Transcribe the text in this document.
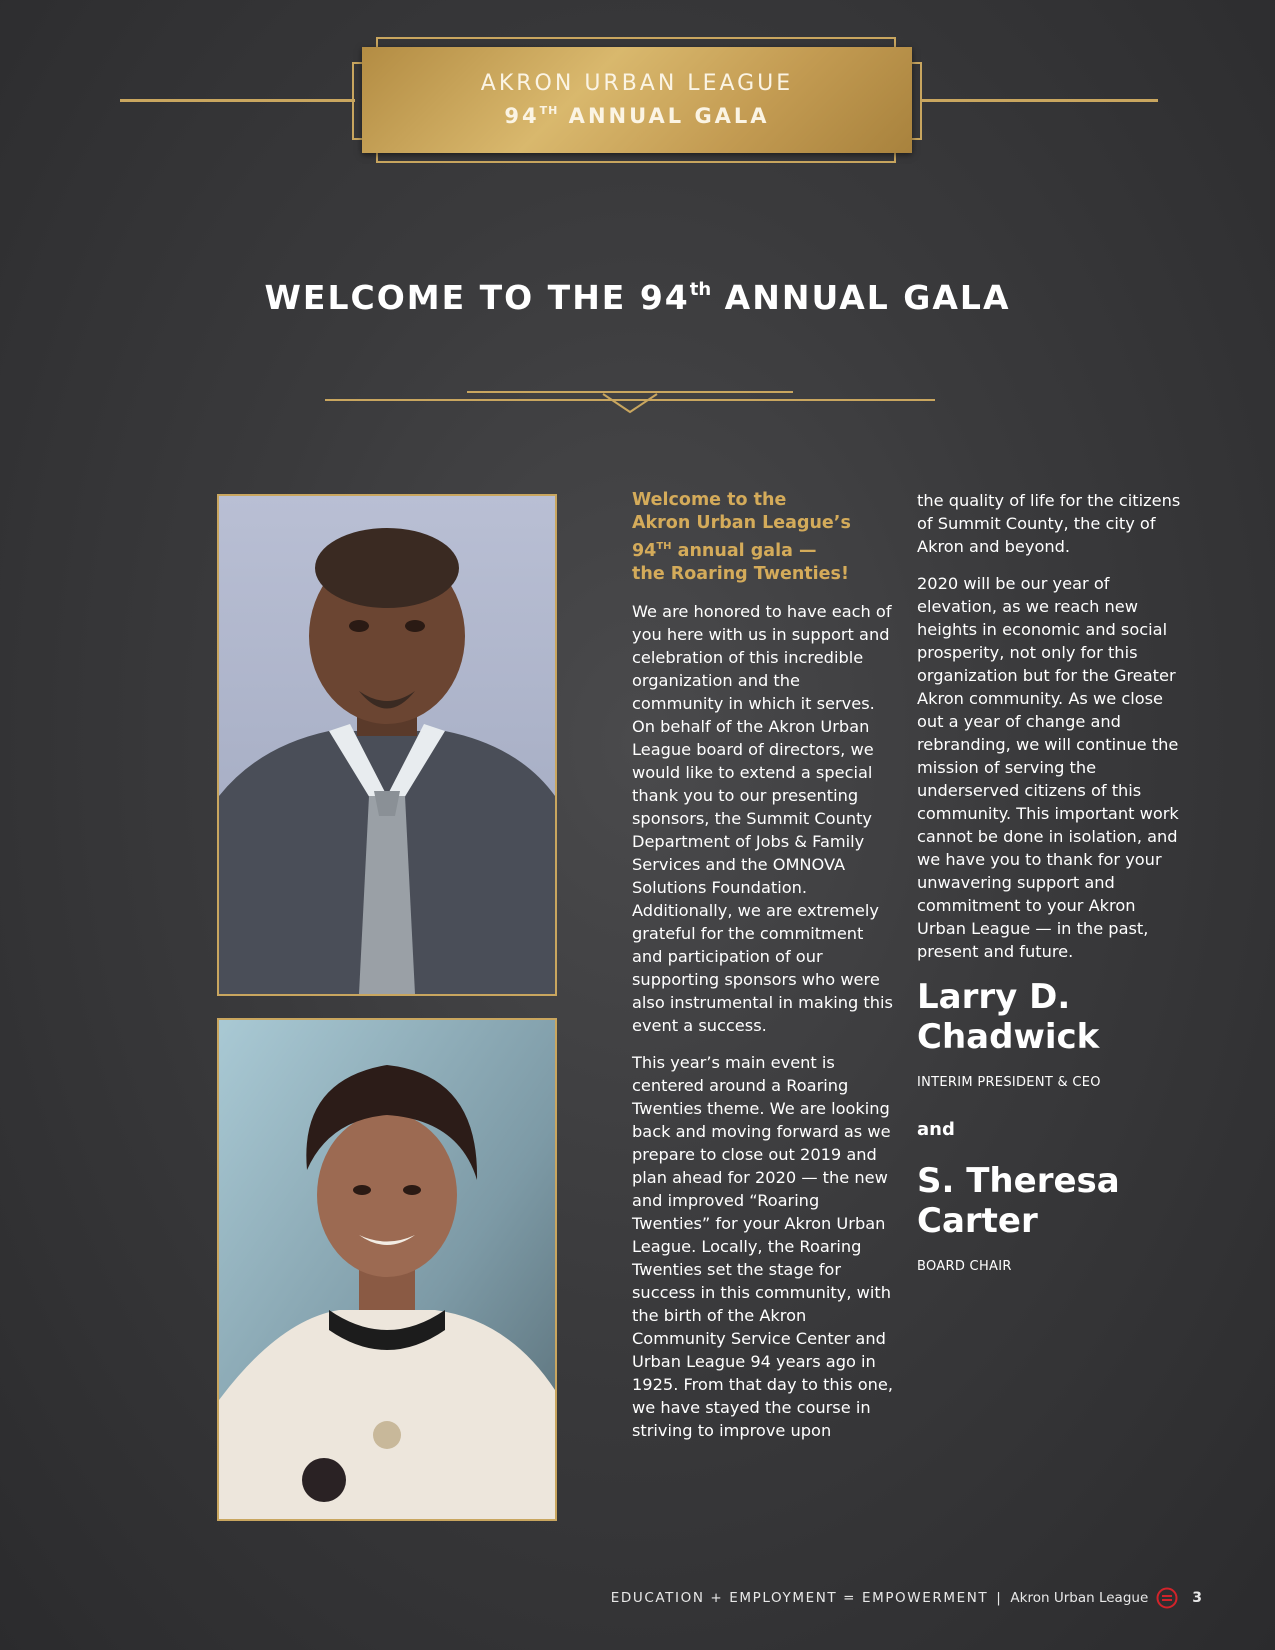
AKRON URBAN LEAGUE
94TH ANNUAL GALA
WELCOME TO THE 94th ANNUAL GALA
Welcome to the
Akron Urban League’s
94TH annual gala —
the Roaring Twenties!

We are honored to have each of you here with us in support and celebration of this incredible organization and the community in which it serves. On behalf of the Akron Urban League board of directors, we would like to extend a special thank you to our presenting sponsors, the Summit County Department of Jobs & Family Services and the OMNOVA Solutions Foundation. Additionally, we are extremely grateful for the commitment and participation of our supporting sponsors who were also instrumental in making this event a success.

This year’s main event is centered around a Roaring Twenties theme. We are looking back and moving forward as we prepare to close out 2019 and plan ahead for 2020 — the new and improved “Roaring Twenties” for your Akron Urban League. Locally, the Roaring Twenties set the stage for success in this community, with the birth of the Akron Community Service Center and Urban League 94 years ago in 1925. From that day to this one, we have stayed the course in striving to improve upon

the quality of life for the citizens of Summit County, the city of Akron and beyond.

2020 will be our year of elevation, as we reach new heights in economic and social prosperity, not only for this organization but for the Greater Akron community. As we close out a year of change and rebranding, we will continue the mission of serving the underserved citizens of this community. This important work cannot be done in isolation, and we have you to thank for your unwavering support and commitment to your Akron Urban League — in the past, present and future.

Larry D.
Chadwick
INTERIM PRESIDENT & CEO
and
S. Theresa
Carter
BOARD CHAIR
EDUCATION + EMPLOYMENT = EMPOWERMENT | Akron Urban League	3
